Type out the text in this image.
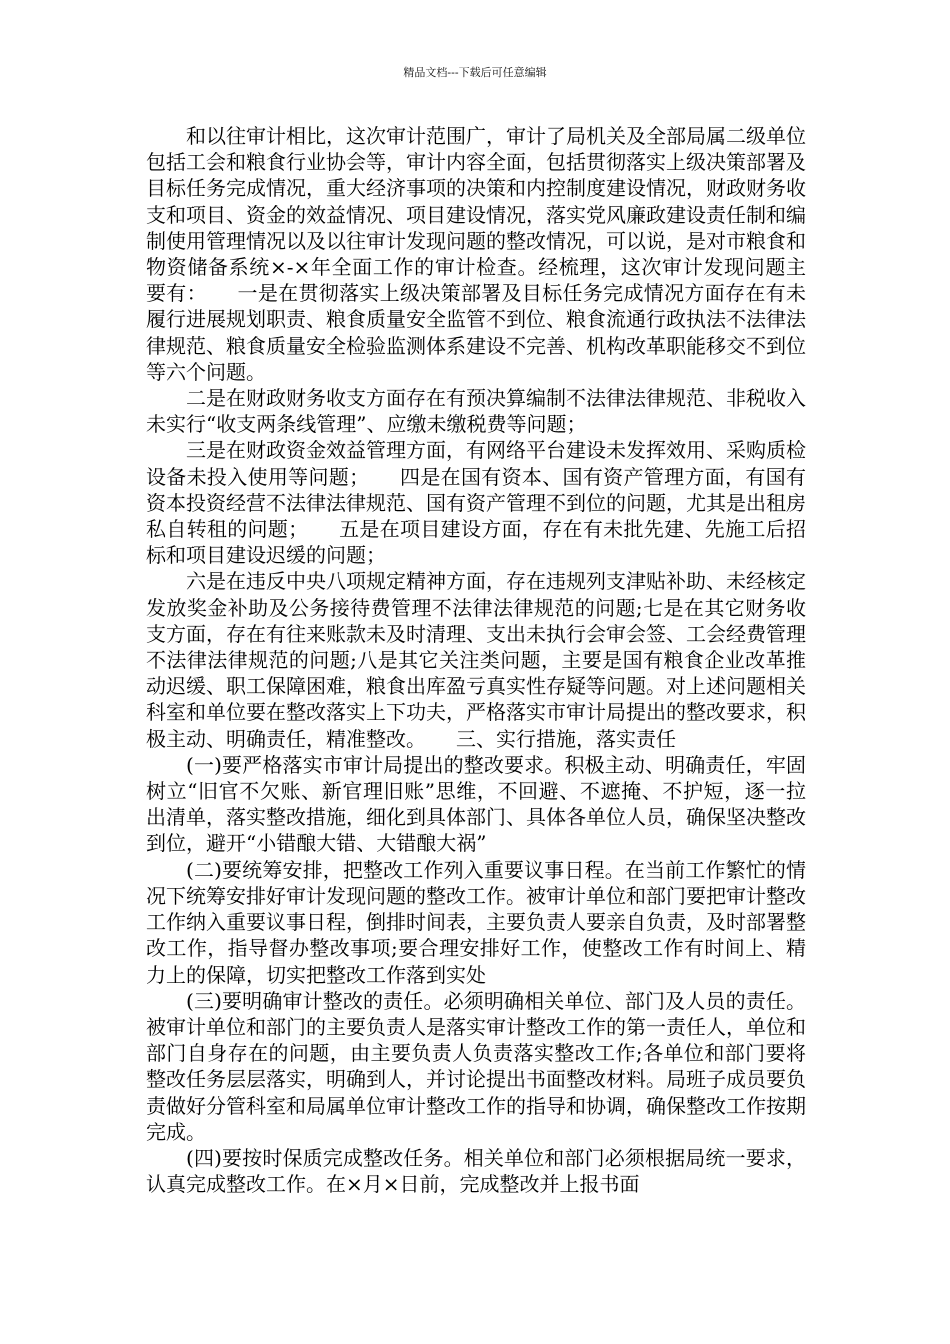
精品文档---下载后可任意编辑

和以往审计相比，这次审计范围广，审计了局机关及全部局属二级单位包括工会和粮食行业协会等，审计内容全面，包括贯彻落实上级决策部署及目标任务完成情况，重大经济事项的决策和内控制度建设情况，财政财务收支和项目、资金的效益情况、项目建设情况，落实党风廉政建设责任制和编制使用管理情况以及以往审计发现问题的整改情况，可以说，是对市粮食和物资储备系统×-×年全面工作的审计检查。经梳理，这次审计发现问题主要有：　　一是在贯彻落实上级决策部署及目标任务完成情况方面存在有未履行进展规划职责、粮食质量安全监管不到位、粮食流通行政执法不法律法律规范、粮食质量安全检验监测体系建设不完善、机构改革职能移交不到位等六个问题。

二是在财政财务收支方面存在有预决算编制不法律法律规范、非税收入未实行“收支两条线管理”、应缴未缴税费等问题；

三是在财政资金效益管理方面，有网络平台建设未发挥效用、采购质检设备未投入使用等问题；　　四是在国有资本、国有资产管理方面，有国有资本投资经营不法律法律规范、国有资产管理不到位的问题，尤其是出租房私自转租的问题；　　五是在项目建设方面，存在有未批先建、先施工后招标和项目建设迟缓的问题；

六是在违反中央八项规定精神方面，存在违规列支津贴补助、未经核定发放奖金补助及公务接待费管理不法律法律规范的问题;七是在其它财务收支方面，存在有往来账款未及时清理、支出未执行会审会签、工会经费管理不法律法律规范的问题;八是其它关注类问题，主要是国有粮食企业改革推动迟缓、职工保障困难，粮食出库盈亏真实性存疑等问题。对上述问题相关科室和单位要在整改落实上下功夫，严格落实市审计局提出的整改要求，积极主动、明确责任，精准整改。　　三、实行措施，落实责任

(一)要严格落实市审计局提出的整改要求。积极主动、明确责任，牢固树立“旧官不欠账、新官理旧账”思维，不回避、不遮掩、不护短，逐一拉出清单，落实整改措施，细化到具体部门、具体各单位人员，确保坚决整改到位，避开“小错酿大错、大错酿大祸”

(二)要统筹安排，把整改工作列入重要议事日程。在当前工作繁忙的情况下统筹安排好审计发现问题的整改工作。被审计单位和部门要把审计整改工作纳入重要议事日程，倒排时间表，主要负责人要亲自负责，及时部署整改工作，指导督办整改事项;要合理安排好工作，使整改工作有时间上、精力上的保障，切实把整改工作落到实处

(三)要明确审计整改的责任。必须明确相关单位、部门及人员的责任。被审计单位和部门的主要负责人是落实审计整改工作的第一责任人，单位和部门自身存在的问题，由主要负责人负责落实整改工作;各单位和部门要将整改任务层层落实，明确到人，并讨论提出书面整改材料。局班子成员要负责做好分管科室和局属单位审计整改工作的指导和协调，确保整改工作按期完成。

(四)要按时保质完成整改任务。相关单位和部门必须根据局统一要求，认真完成整改工作。在×月×日前，完成整改并上报书面
